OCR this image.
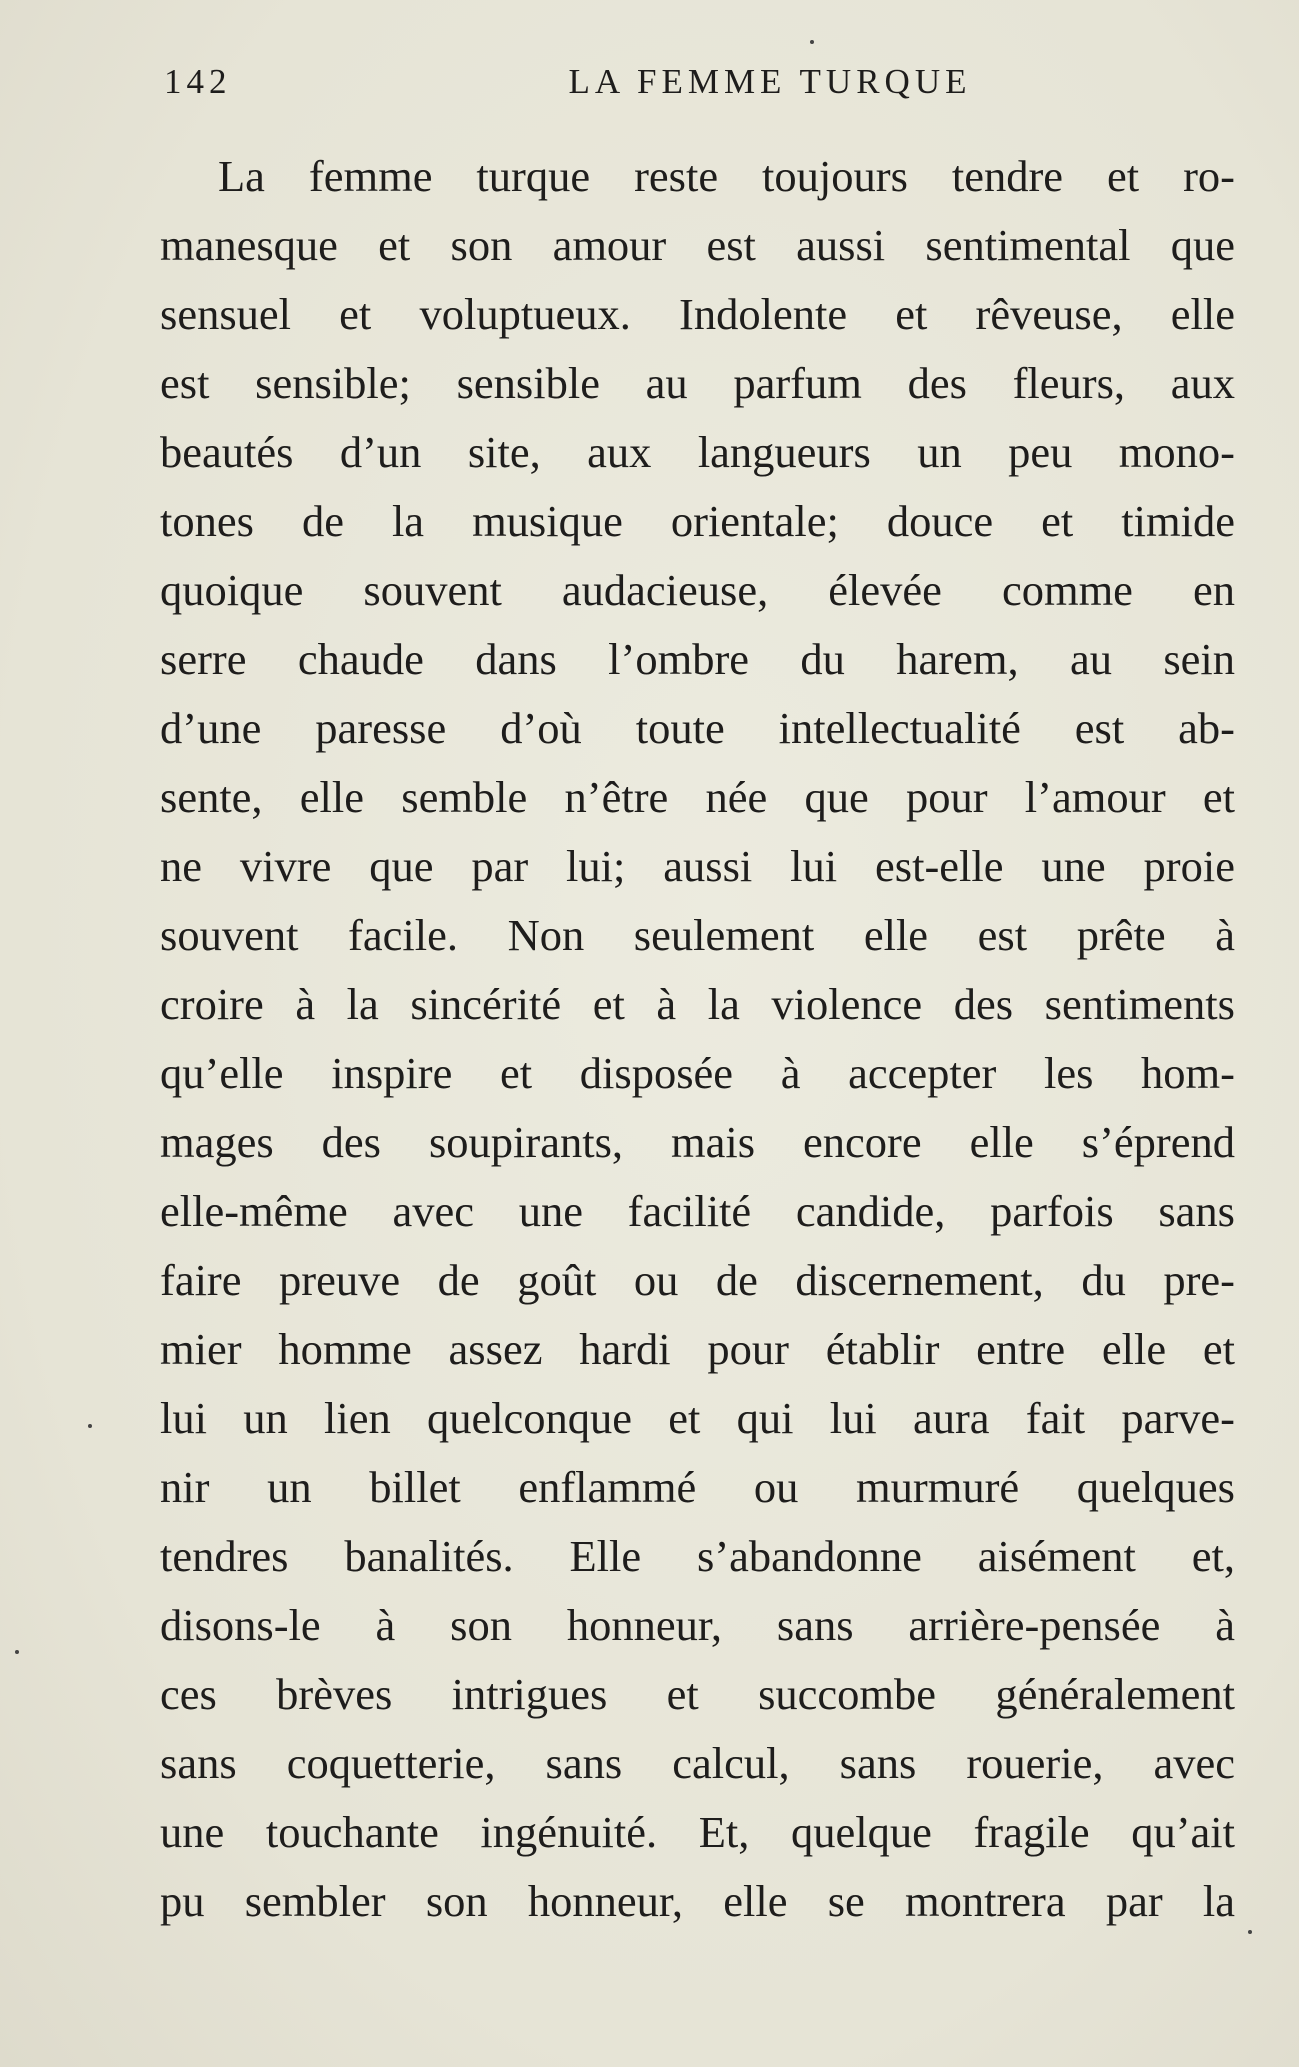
142	LA FEMME TURQUE
La femme turque reste toujours tendre et ro-
manesque et son amour est aussi sentimental que
sensuel et voluptueux. Indolente et rêveuse, elle
est sensible; sensible au parfum des fleurs, aux
beautés d’un site, aux langueurs un peu mono-
tones de la musique orientale; douce et timide
quoique souvent audacieuse, élevée comme en
serre chaude dans l’ombre du harem, au sein
d’une paresse d’où toute intellectualité est ab-
sente, elle semble n’être née que pour l’amour et
ne vivre que par lui; aussi lui est-elle une proie
souvent facile. Non seulement elle est prête à
croire à la sincérité et à la violence des sentiments
qu’elle inspire et disposée à accepter les hom-
mages des soupirants, mais encore elle s’éprend
elle-même avec une facilité candide, parfois sans
faire preuve de goût ou de discernement, du pre-
mier homme assez hardi pour établir entre elle et
lui un lien quelconque et qui lui aura fait parve-
nir un billet enflammé ou murmuré quelques
tendres banalités. Elle s’abandonne aisément et,
disons-le à son honneur, sans arrière-pensée à
ces brèves intrigues et succombe généralement
sans coquetterie, sans calcul, sans rouerie, avec
une touchante ingénuité. Et, quelque fragile qu’ait
pu sembler son honneur, elle se montrera par la
